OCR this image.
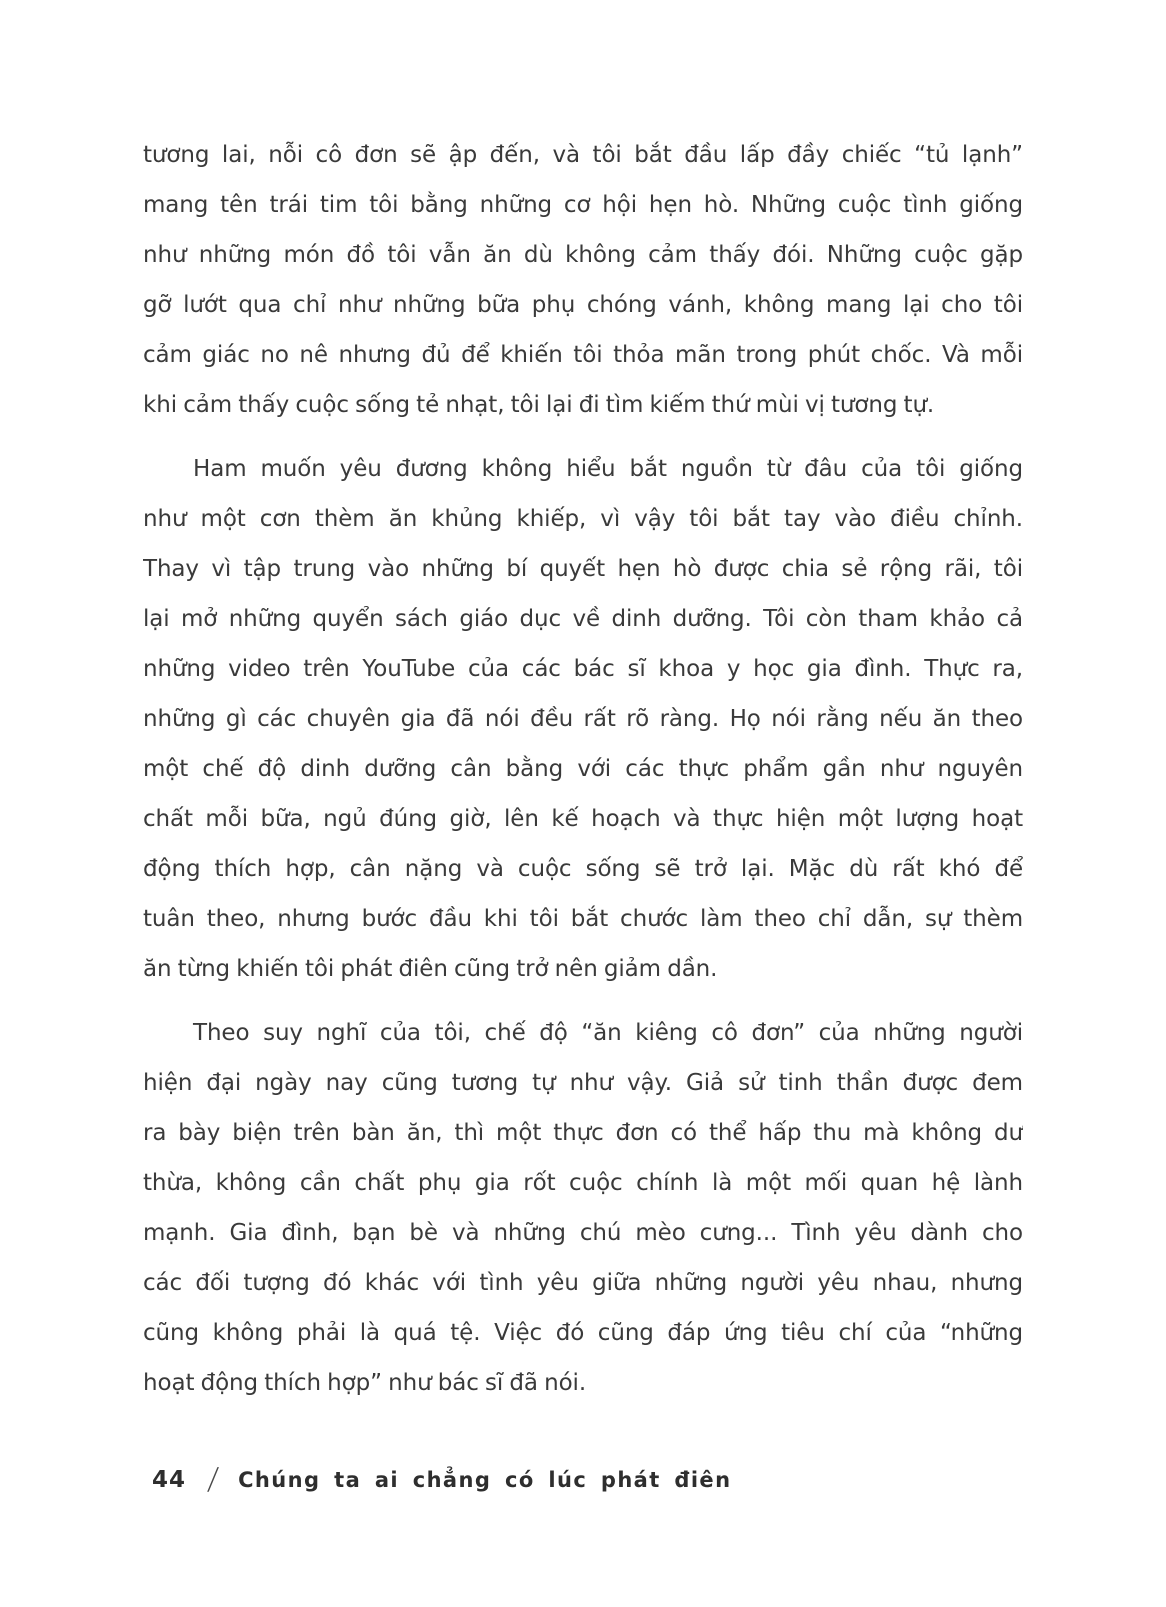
tương lai, nỗi cô đơn sẽ ập đến, và tôi bắt đầu lấp đầy chiếc “tủ lạnh”
mang tên trái tim tôi bằng những cơ hội hẹn hò. Những cuộc tình giống
như những món đồ tôi vẫn ăn dù không cảm thấy đói. Những cuộc gặp
gỡ lướt qua chỉ như những bữa phụ chóng vánh, không mang lại cho tôi
cảm giác no nê nhưng đủ để khiến tôi thỏa mãn trong phút chốc. Và mỗi
khi cảm thấy cuộc sống tẻ nhạt, tôi lại đi tìm kiếm thứ mùi vị tương tự.
Ham muốn yêu đương không hiểu bắt nguồn từ đâu của tôi giống
như một cơn thèm ăn khủng khiếp, vì vậy tôi bắt tay vào điều chỉnh.
Thay vì tập trung vào những bí quyết hẹn hò được chia sẻ rộng rãi, tôi
lại mở những quyển sách giáo dục về dinh dưỡng. Tôi còn tham khảo cả
những video trên YouTube của các bác sĩ khoa y học gia đình. Thực ra,
những gì các chuyên gia đã nói đều rất rõ ràng. Họ nói rằng nếu ăn theo
một chế độ dinh dưỡng cân bằng với các thực phẩm gần như nguyên
chất mỗi bữa, ngủ đúng giờ, lên kế hoạch và thực hiện một lượng hoạt
động thích hợp, cân nặng và cuộc sống sẽ trở lại. Mặc dù rất khó để
tuân theo, nhưng bước đầu khi tôi bắt chước làm theo chỉ dẫn, sự thèm
ăn từng khiến tôi phát điên cũng trở nên giảm dần.
Theo suy nghĩ của tôi, chế độ “ăn kiêng cô đơn” của những người
hiện đại ngày nay cũng tương tự như vậy. Giả sử tinh thần được đem
ra bày biện trên bàn ăn, thì một thực đơn có thể hấp thu mà không dư
thừa, không cần chất phụ gia rốt cuộc chính là một mối quan hệ lành
mạnh. Gia đình, bạn bè và những chú mèo cưng... Tình yêu dành cho
các đối tượng đó khác với tình yêu giữa những người yêu nhau, nhưng
cũng không phải là quá tệ. Việc đó cũng đáp ứng tiêu chí của “những
hoạt động thích hợp” như bác sĩ đã nói.
44 / Chúng ta ai chẳng có lúc phát điên
